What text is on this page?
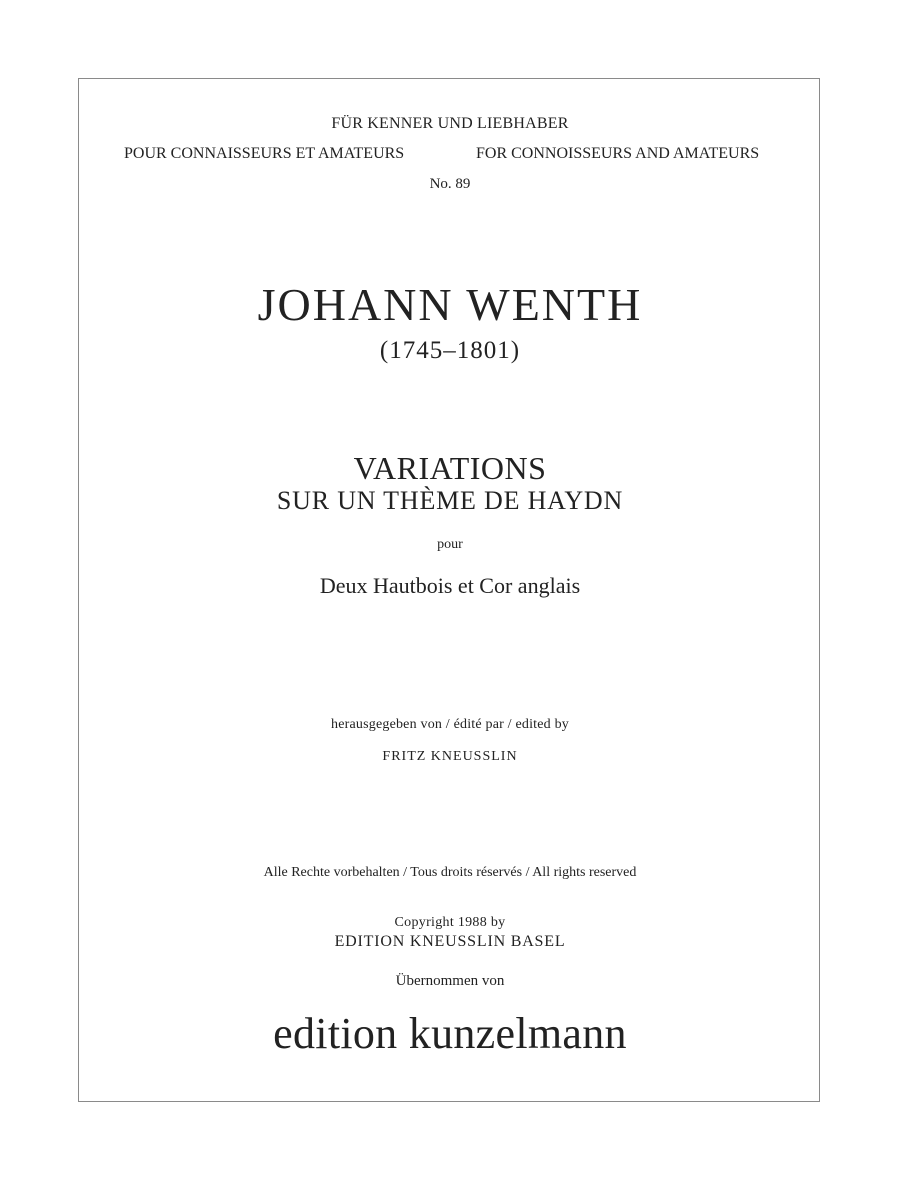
FÜR KENNER UND LIEBHABER
POUR CONNAISSEURS ET AMATEURS	FOR CONNOISSEURS AND AMATEURS
No. 89
JOHANN WENTH
(1745–1801)
VARIATIONS
SUR UN THÈME DE HAYDN
pour
Deux Hautbois et Cor anglais
herausgegeben von / édité par / edited by
FRITZ KNEUSSLIN
Alle Rechte vorbehalten / Tous droits réservés / All rights reserved
Copyright 1988 by
EDITION KNEUSSLIN BASEL
Übernommen von
edition kunzelmann
